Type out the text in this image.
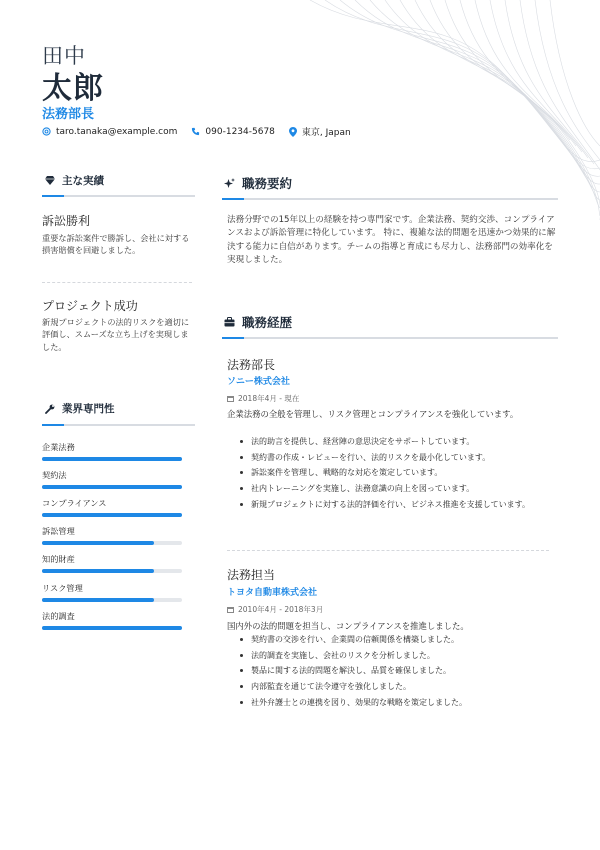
田中
太郎
法務部長
taro.tanaka@example.com	090-1234-5678	東京, Japan
主な実績
訴訟勝利
重要な訴訟案件で勝訴し、会社に対する損害賠償を回避しました。
プロジェクト成功
新規プロジェクトの法的リスクを適切に評価し、スムーズな立ち上げを実現しました。
業界専門性
企業法務
契約法
コンプライアンス
訴訟管理
知的財産
リスク管理
法的調査
職務要約
法務分野での15年以上の経験を持つ専門家です。企業法務、契約交渉、コンプライアンスおよび訴訟管理に特化しています。 特に、複雑な法的問題を迅速かつ効果的に解決する能力に自信があります。チームの指導と育成にも尽力し、法務部門の効率化を実現しました。
職務経歴
法務部長
ソニー株式会社
2018年4月 - 現在
企業法務の全般を管理し、リスク管理とコンプライアンスを強化しています。
法的助言を提供し、経営陣の意思決定をサポートしています。
契約書の作成・レビューを行い、法的リスクを最小化しています。
訴訟案件を管理し、戦略的な対応を策定しています。
社内トレーニングを実施し、法務意識の向上を図っています。
新規プロジェクトに対する法的評価を行い、ビジネス推進を支援しています。
法務担当
トヨタ自動車株式会社
2010年4月 - 2018年3月
国内外の法的問題を担当し、コンプライアンスを推進しました。
契約書の交渉を行い、企業間の信頼関係を構築しました。
法的調査を実施し、会社のリスクを分析しました。
製品に関する法的問題を解決し、品質を確保しました。
内部監査を通じて法令遵守を強化しました。
社外弁護士との連携を図り、効果的な戦略を策定しました。
